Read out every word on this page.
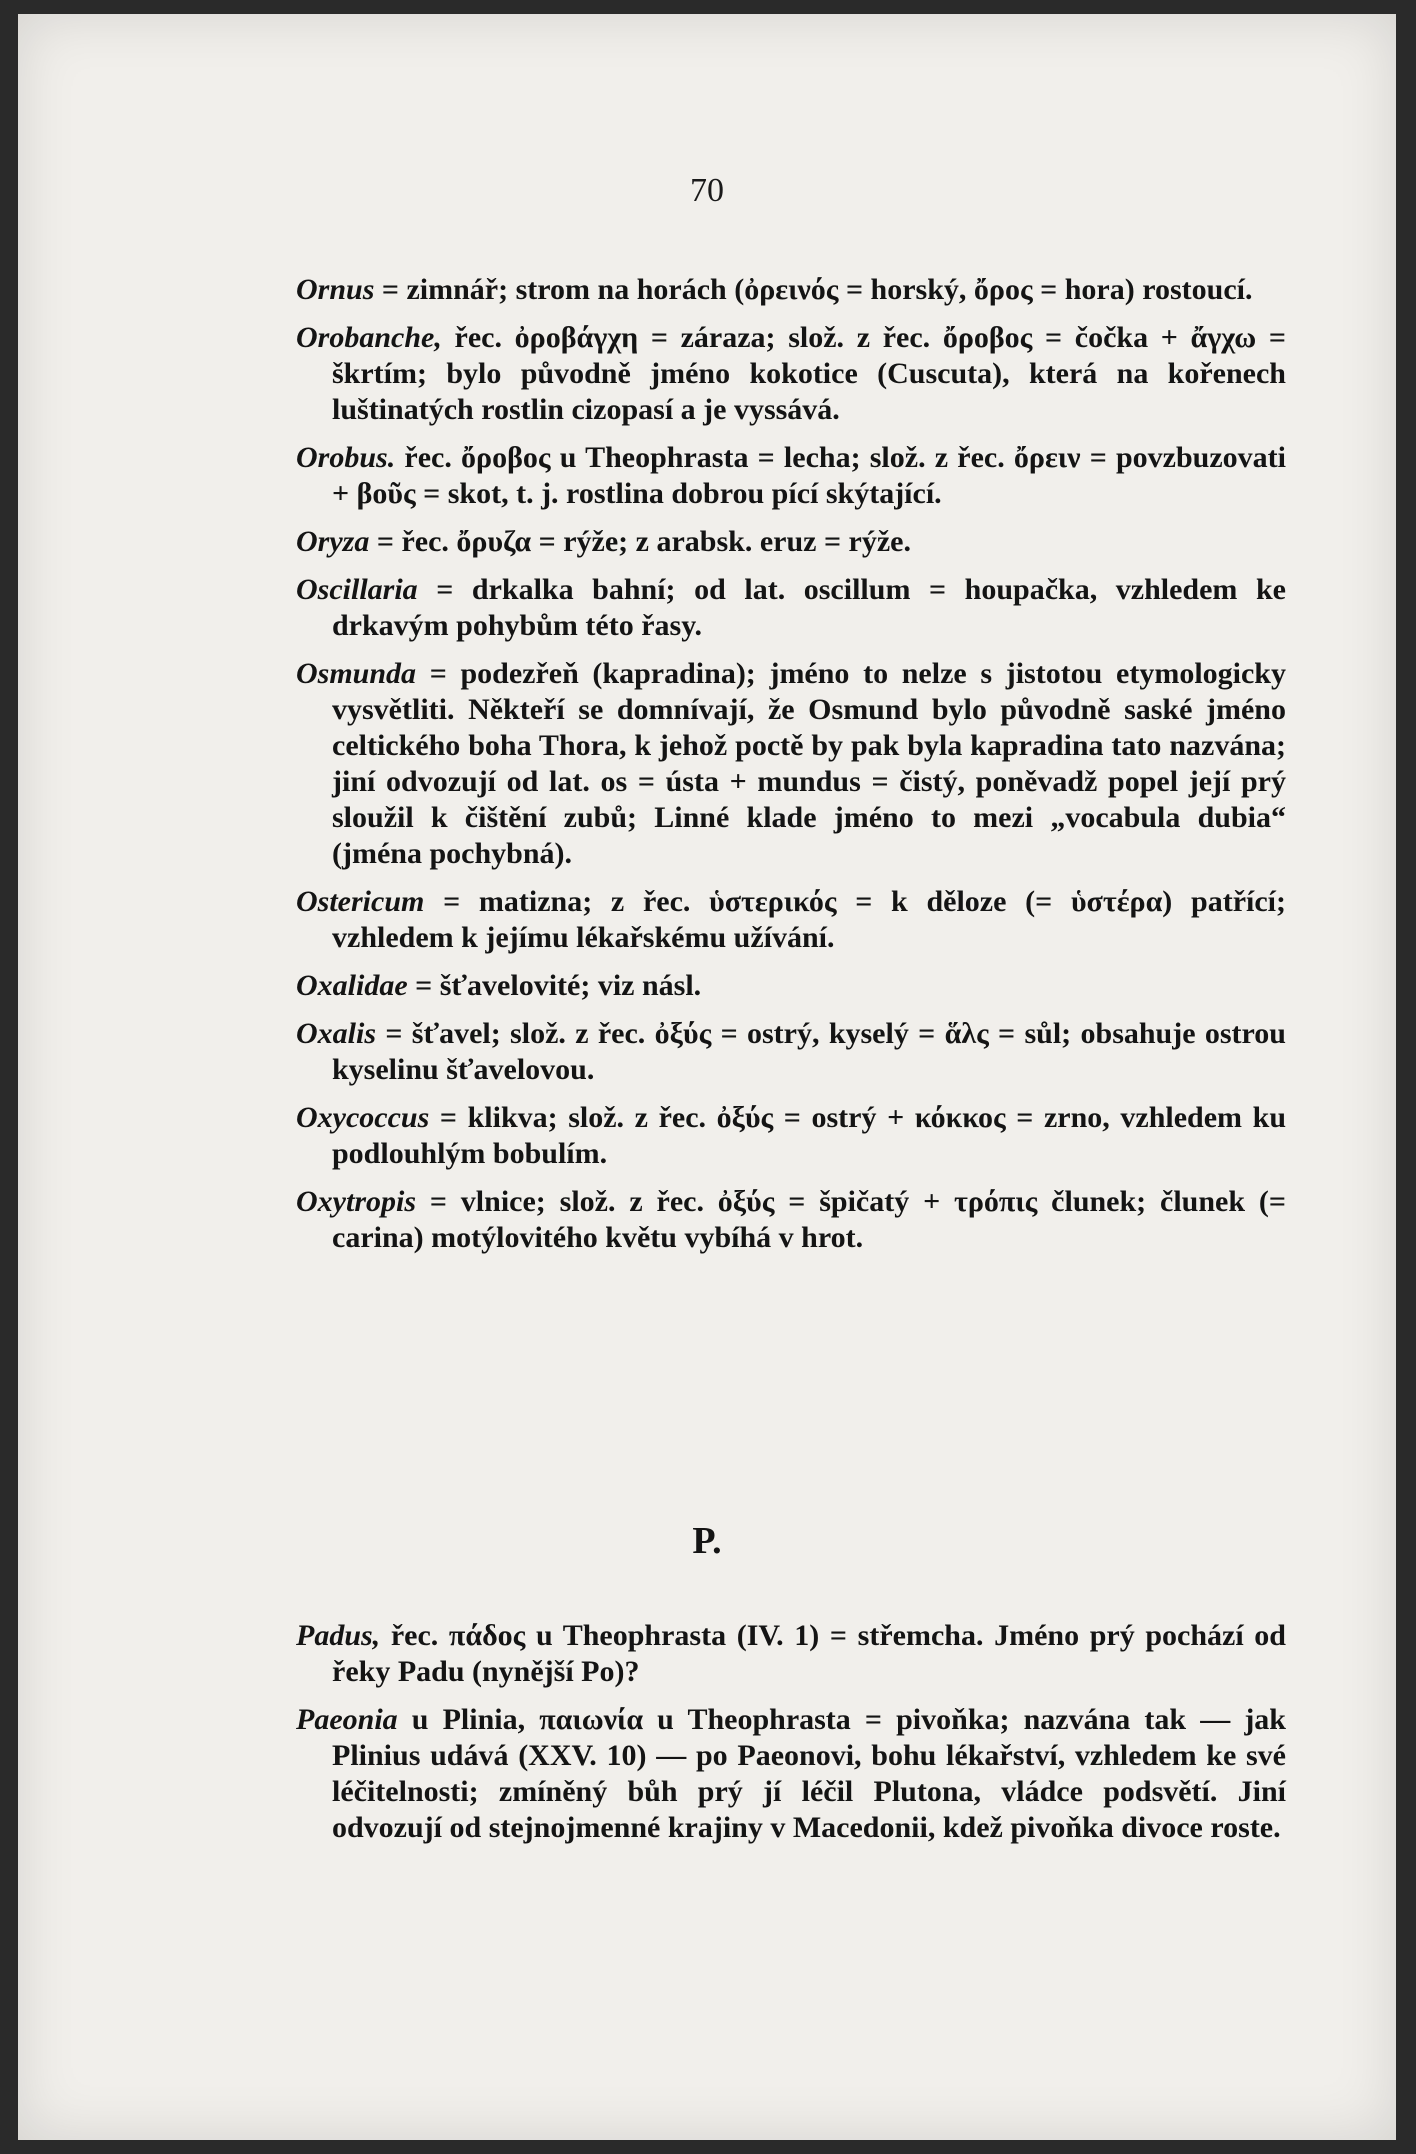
70

Ornus = zimnář; strom na horách (ὀρεινός = horský, ὄρος = hora) rostoucí.

Orobanche, řec. ὀροβάγχη = záraza; slož. z řec. ὄροβος = čočka + ἄγχω = škrtím; bylo původně jméno kokotice (Cuscuta), která na kořenech luštinatých rostlin cizopasí a je vyssává.

Orobus. řec. ὄροβος u Theophrasta = lecha; slož. z řec. ὄρειν = povzbuzovati + βοῦς = skot, t. j. rostlina dobrou pící skýtající.

Oryza = řec. ὄρυζα = rýže; z arabsk. eruz = rýže.

Oscillaria = drkalka bahní; od lat. oscillum = houpačka, vzhledem ke drkavým pohybům této řasy.

Osmunda = podezřeň (kapradina); jméno to nelze s jistotou etymologicky vysvětliti. Někteří se domnívají, že Osmund bylo původně saské jméno celtického boha Thora, k jehož poctě by pak byla kapradina tato nazvána; jiní odvozují od lat. os = ústa + mundus = čistý, poněvadž popel její prý sloužil k čištění zubů; Linné klade jméno to mezi „vocabula dubia“ (jména pochybná).

Ostericum = matizna; z řec. ὑστερικός = k děloze (= ὑστέρα) patřící; vzhledem k jejímu lékařskému užívání.

Oxalidae = šťavelovité; viz násl.

Oxalis = šťavel; slož. z řec. ὀξύς = ostrý, kyselý = ἅλς = sůl; obsahuje ostrou kyselinu šťavelovou.

Oxycoccus = klikva; slož. z řec. ὀξύς = ostrý + κόκκος = zrno, vzhledem ku podlouhlým bobulím.

Oxytropis = vlnice; slož. z řec. ὀξύς = špičatý + τρόπις člunek; člunek (= carina) motýlovitého květu vybíhá v hrot.

P.

Padus, řec. πάδος u Theophrasta (IV. 1) = střemcha. Jméno prý pochází od řeky Padu (nynější Po)?

Paeonia u Plinia, παιωνία u Theophrasta = pivoňka; nazvána tak — jak Plinius udává (XXV. 10) — po Paeonovi, bohu lékařství, vzhledem ke své léčitelnosti; zmíněný bůh prý jí léčil Plutona, vládce podsvětí. Jiní odvozují od stejnojmenné krajiny v Macedonii, kdež pivoňka divoce roste.
